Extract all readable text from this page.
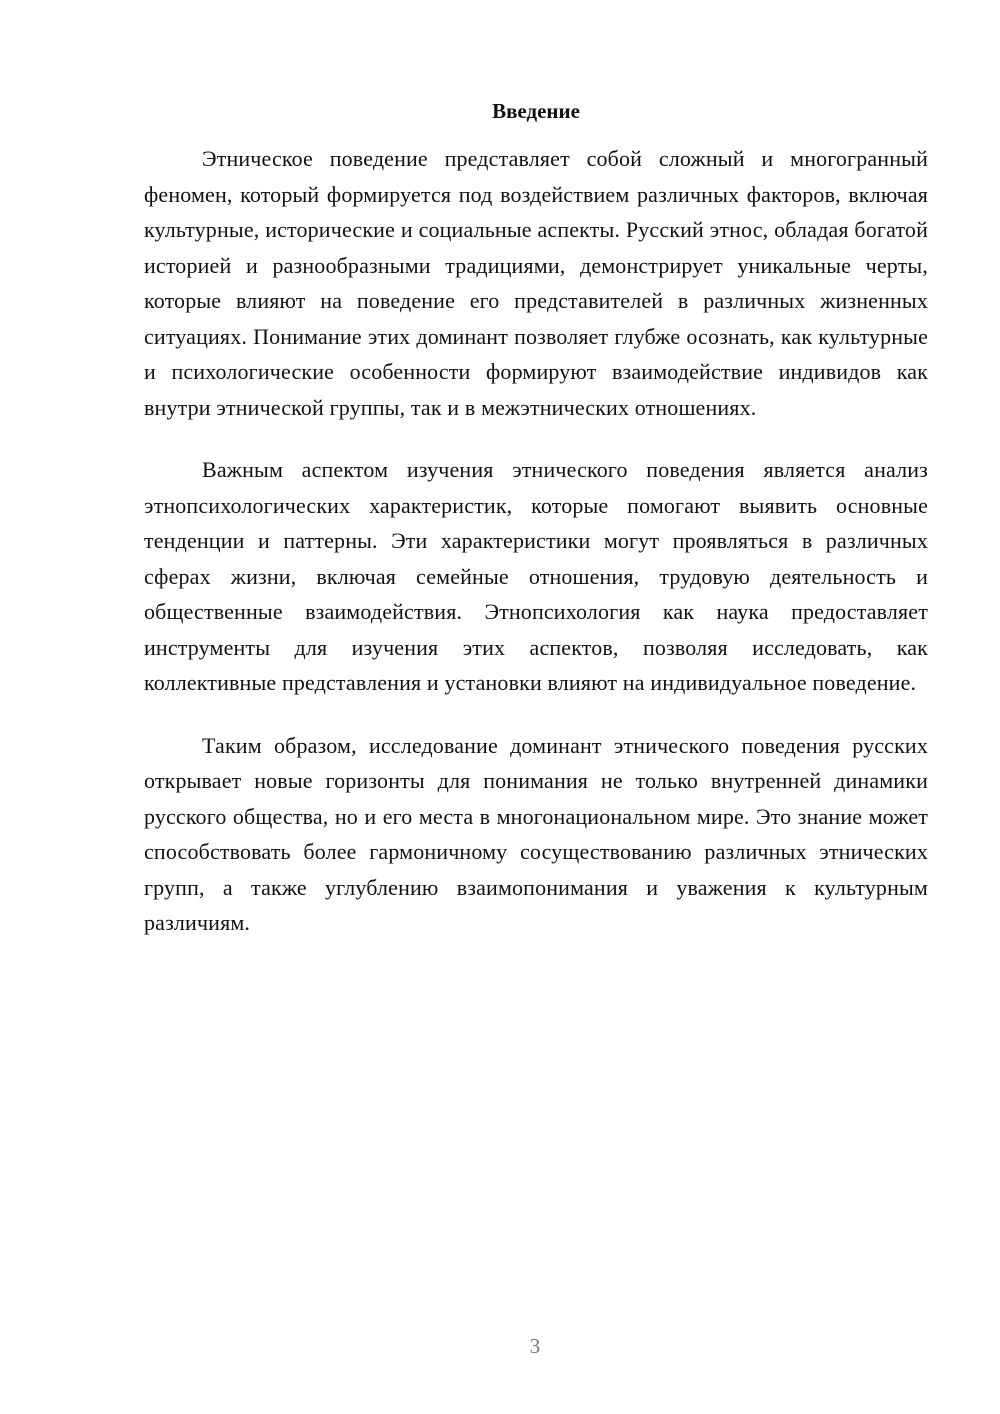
Введение

Этническое поведение представляет собой сложный и многогранный феномен, который формируется под воздействием различных факторов, включая культурные, исторические и социальные аспекты. Русский этнос, обладая богатой историей и разнообразными традициями, демонстрирует уникальные черты, которые влияют на поведение его представителей в различных жизненных ситуациях. Понимание этих доминант позволяет глубже осознать, как культурные и психологические особенности формируют взаимодействие индивидов как внутри этнической группы, так и в межэтнических отношениях.

Важным аспектом изучения этнического поведения является анализ этнопсихологических характеристик, которые помогают выявить основные тенденции и паттерны. Эти характеристики могут проявляться в различных сферах жизни, включая семейные отношения, трудовую деятельность и общественные взаимодействия. Этнопсихология как наука предоставляет инструменты для изучения этих аспектов, позволяя исследовать, как коллективные представления и установки влияют на индивидуальное поведение.

Таким образом, исследование доминант этнического поведения русских открывает новые горизонты для понимания не только внутренней динамики русского общества, но и его места в многонациональном мире. Это знание может способствовать более гармоничному сосуществованию различных этнических групп, а также углублению взаимопонимания и уважения к культурным различиям.

3
